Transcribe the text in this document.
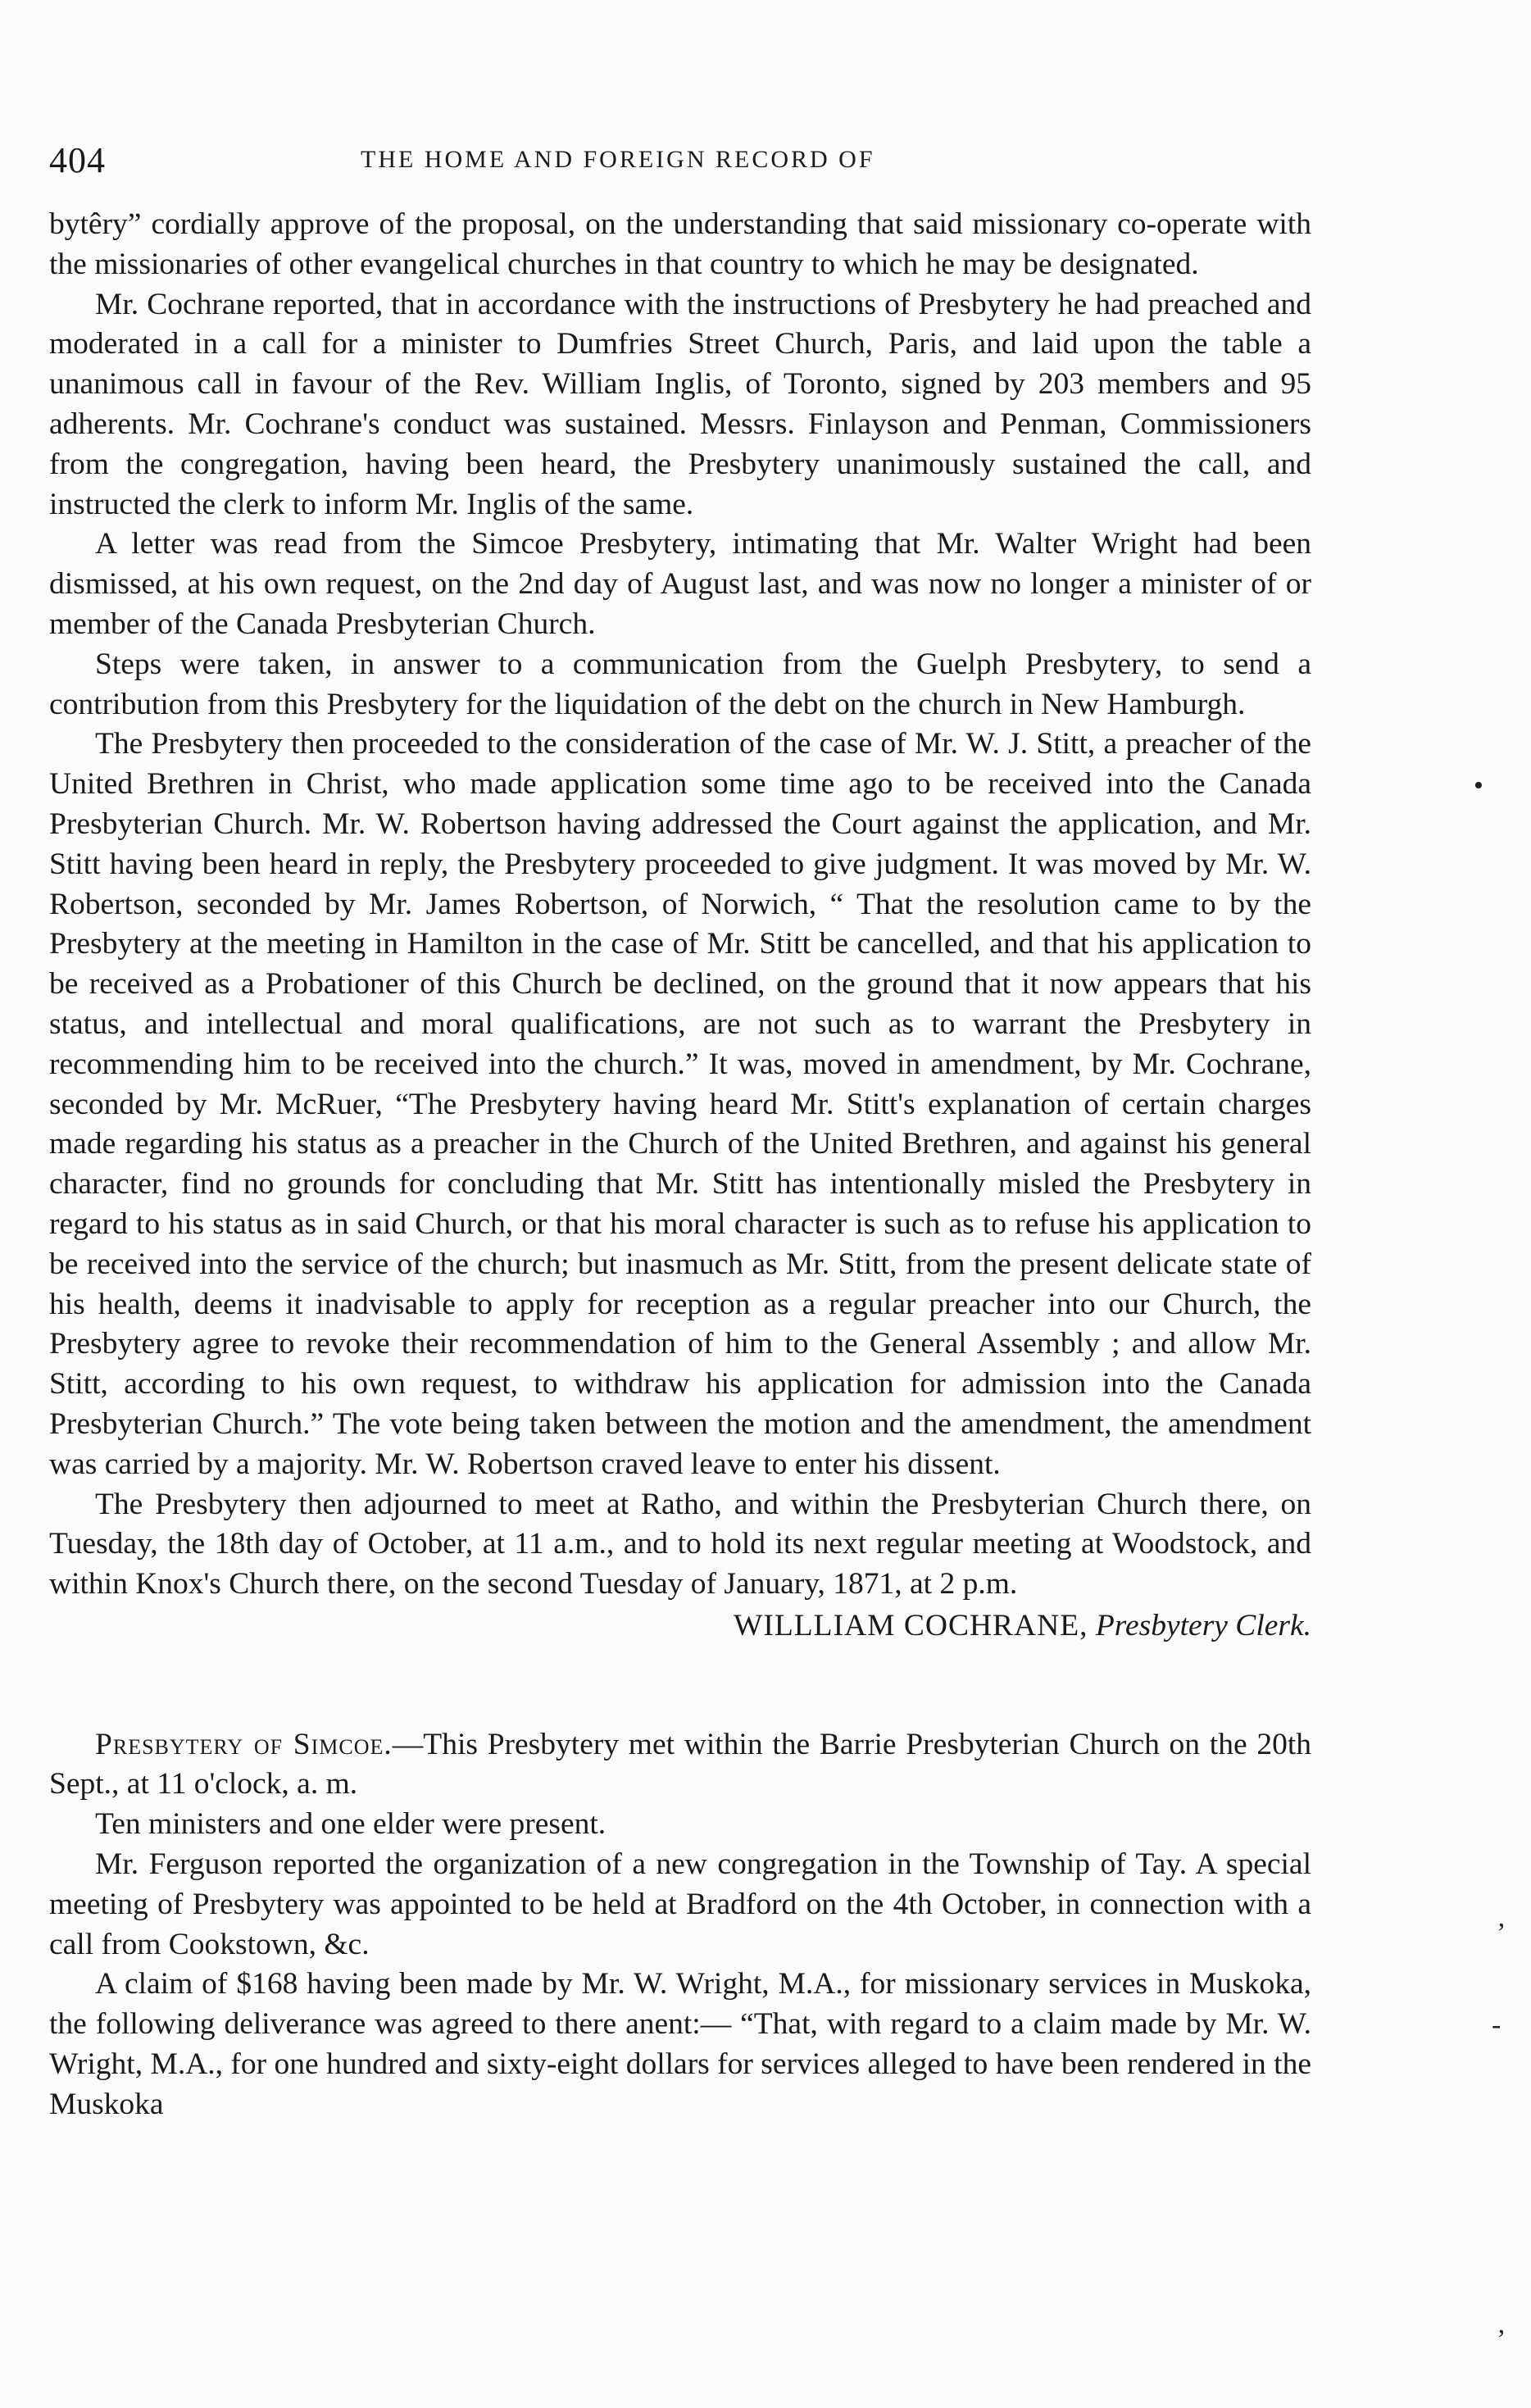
404	THE HOME AND FOREIGN RECORD OF

bytêryˮ cordially approve of the proposal, on the understanding that said missionary co-operate with the missionaries of other evangelical churches in that country to which he may be designated.

Mr. Cochrane reported, that in accordance with the instructions of Presbytery he had preached and moderated in a call for a minister to Dumfries Street Church, Paris, and laid upon the table a unanimous call in favour of the Rev. William Inglis, of Toronto, signed by 203 members and 95 adherents. Mr. Cochrane's conduct was sustained. Messrs. Finlayson and Penman, Commissioners from the congregation, having been heard, the Presbytery unanimously sustained the call, and instructed the clerk to inform Mr. Inglis of the same.

A letter was read from the Simcoe Presbytery, intimating that Mr. Walter Wright had been dismissed, at his own request, on the 2nd day of August last, and was now no longer a minister of or member of the Canada Presbyterian Church.

Steps were taken, in answer to a communication from the Guelph Presbytery, to send a contribution from this Presbytery for the liquidation of the debt on the church in New Hamburgh.

The Presbytery then proceeded to the consideration of the case of Mr. W. J. Stitt, a preacher of the United Brethren in Christ, who made application some time ago to be received into the Canada Presbyterian Church. Mr. W. Robertson having addressed the Court against the application, and Mr. Stitt having been heard in reply, the Presbytery proceeded to give judgment. It was moved by Mr. W. Robertson, seconded by Mr. James Robertson, of Norwich, “ That the resolution came to by the Presbytery at the meeting in Hamilton in the case of Mr. Stitt be cancelled, and that his application to be received as a Probationer of this Church be declined, on the ground that it now appears that his status, and intellectual and moral qualifications, are not such as to warrant the Presbytery in recommending him to be received into the church.” It was, moved in amendment, by Mr. Cochrane, seconded by Mr. McRuer, “The Presbytery having heard Mr. Stitt's explanation of certain charges made regarding his status as a preacher in the Church of the United Brethren, and against his general character, find no grounds for concluding that Mr. Stitt has intentionally misled the Presbytery in regard to his status as in said Church, or that his moral character is such as to refuse his application to be received into the service of the church; but inasmuch as Mr. Stitt, from the present delicate state of his health, deems it inadvisable to apply for reception as a regular preacher into our Church, the Presbytery agree to revoke their recommendation of him to the General Assembly ; and allow Mr. Stitt, according to his own request, to withdraw his application for admission into the Canada Presbyterian Church.” The vote being taken between the motion and the amendment, the amendment was carried by a majority. Mr. W. Robertson craved leave to enter his dissent.

The Presbytery then adjourned to meet at Ratho, and within the Presbyterian Church there, on Tuesday, the 18th day of October, at 11 a.m., and to hold its next regular meeting at Woodstock, and within Knox's Church there, on the second Tuesday of January, 1871, at 2 p.m.

WILLLIAM COCHRANE, Presbytery Clerk.

Presbytery of Simcoe.—This Presbytery met within the Barrie Presbyterian Church on the 20th Sept., at 11 o'clock, a. m.

Ten ministers and one elder were present.

Mr. Ferguson reported the organization of a new congregation in the Township of Tay. A special meeting of Presbytery was appointed to be held at Bradford on the 4th October, in connection with a call from Cookstown, &c.

A claim of $168 having been made by Mr. W. Wright, M.A., for missionary services in Muskoka, the following deliverance was agreed to there anent:— “That, with regard to a claim made by Mr. W. Wright, M.A., for one hundred and sixty-eight dollars for services alleged to have been rendered in the Muskoka

•
’
-
’
